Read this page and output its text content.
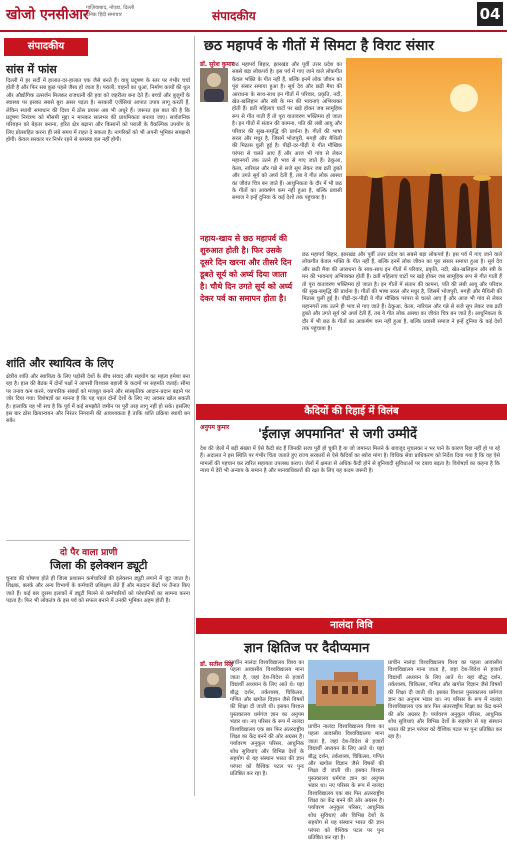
खोजो एनसीआर
गाज़ियाबाद, नोएडा, दिल्ली
दैनिक हिंदी समाचार	संपादकीय	04
संपादकीय
सांस में फांस
दिल्ली में हर सर्दी में हालात-दर-हालात एक जैसे बनते हैं। वायु प्रदूषण के स्तर पर गंभीर चर्चा होती है और फिर सब कुछ पहले जैसा हो जाता है। पराली, वाहनों का धुआं, निर्माण कार्यों की धूल और औद्योगिक उत्सर्जन मिलकर राजधानी की हवा को जहरीला बना देते हैं। बच्चों और बुजुर्गों के स्वास्थ्य पर इसका सबसे बुरा असर पड़ता है। सरकारी एजेंसियां आपात उपाय लागू करती हैं, लेकिन स्थायी समाधान की दिशा में ठोस प्रयास अब भी अधूरे हैं। जरूरत इस बात की है कि प्रदूषण नियंत्रण को मौसमी मुद्दा न मानकर सालभर की प्राथमिकता बनाया जाए। सार्वजनिक परिवहन को बेहतर बनाना, हरित क्षेत्र बढ़ाना और किसानों को पराली के वैकल्पिक उपयोग के लिए प्रोत्साहित करना ही लंबे समय में राहत दे सकता है। नागरिकों को भी अपनी भूमिका समझनी होगी। केवल सरकार पर निर्भर रहने से समस्या हल नहीं होगी।
शांति और स्थायित्व के लिए
क्षेत्रीय शांति और स्थायित्व के लिए पड़ोसी देशों के बीच संवाद और सहयोग का महत्व हमेशा बना रहा है। हाल की बैठक में दोनों पक्षों ने आपसी विश्वास बहाली के कदमों पर सहमति जताई। सीमा पर तनाव कम करने, व्यापारिक संबंधों को मजबूत बनाने और सांस्कृतिक आदान-प्रदान बढ़ाने पर जोर दिया गया। विशेषज्ञों का मानना है कि यह पहल दोनों देशों के लिए नए अवसर खोल सकती है। हालांकि यह भी सच है कि पूर्व में कई समझौते जमीन पर पूरी तरह लागू नहीं हो सके। इसलिए इस बार ठोस क्रियान्वयन और निरंतर निगरानी की आवश्यकता है ताकि शांति प्रक्रिया स्थायी बन सके।
दो पैर वाला प्राणी
जिला की इलेक्शन ड्यूटी
चुनाव की घोषणा होते ही जिला प्रशासन कर्मचारियों की इलेक्शन ड्यूटी लगाने में जुट जाता है। शिक्षक, क्लर्क और अन्य विभागों के कर्मचारी प्रशिक्षण लेते हैं और मतदान केंद्रों पर तैनात किए जाते हैं। कई बार दूरस्थ इलाकों में ड्यूटी मिलने से कर्मचारियों को परेशानियों का सामना करना पड़ता है। फिर भी लोकतंत्र के इस पर्व को सफल बनाने में उनकी भूमिका अहम होती है।
छठ महापर्व के गीतों में सिमटा है विराट संसार
डॉ. सुरेश कुमार
छठ महापर्व बिहार, झारखंड और पूर्वी उत्तर प्रदेश का सबसे बड़ा लोकपर्व है। इस पर्व में गाए जाने वाले लोकगीत केवल भक्ति के गीत नहीं हैं, बल्कि इनमें लोक जीवन का पूरा संसार समाया हुआ है। सूर्य देव और छठी मैया की आराधना के साथ-साथ इन गीतों में परिवार, प्रकृति, नदी, खेत-खलिहान और स्त्री के मन की भावनाएं अभिव्यक्त होती हैं। व्रती महिलाएं घाटों पर खड़े होकर जब सामूहिक रूप से गीत गाती हैं तो पूरा वातावरण भक्तिमय हो जाता है। इन गीतों में संतान की कामना, पति की लंबी आयु और परिवार की सुख-समृद्धि की प्रार्थना है। गीतों की भाषा सरल और मधुर है, जिसमें भोजपुरी, मगही और मैथिली की मिठास घुली हुई है। पीढ़ी-दर-पीढ़ी ये गीत मौखिक परंपरा से चलते आए हैं और आज भी गांव से लेकर महानगरों तक उतने ही भाव से गाए जाते हैं। ठेकुआ, केला, नारियल और गन्ने से सजे सूप लेकर जब व्रती डूबते और उगते सूर्य को अर्घ्य देती हैं, तब ये गीत लोक आस्था का जीवंत चित्र बन जाते हैं। आधुनिकता के दौर में भी छठ के गीतों का आकर्षण कम नहीं हुआ है, बल्कि प्रवासी समाज ने इन्हें दुनिया के कई देशों तक पहुंचाया है।
नहाय-खाय से छठ महापर्व की शुरुआत होती है। फिर उसके दूसरे दिन खरना और तीसरे दिन डूबते सूर्य को अर्घ्य दिया जाता है। चौथे दिन उगते सूर्य को अर्घ्य देकर पर्व का समापन होता है।
छठ महापर्व बिहार, झारखंड और पूर्वी उत्तर प्रदेश का सबसे बड़ा लोकपर्व है। इस पर्व में गाए जाने वाले लोकगीत केवल भक्ति के गीत नहीं हैं, बल्कि इनमें लोक जीवन का पूरा संसार समाया हुआ है। सूर्य देव और छठी मैया की आराधना के साथ-साथ इन गीतों में परिवार, प्रकृति, नदी, खेत-खलिहान और स्त्री के मन की भावनाएं अभिव्यक्त होती हैं। व्रती महिलाएं घाटों पर खड़े होकर जब सामूहिक रूप से गीत गाती हैं तो पूरा वातावरण भक्तिमय हो जाता है। इन गीतों में संतान की कामना, पति की लंबी आयु और परिवार की सुख-समृद्धि की प्रार्थना है। गीतों की भाषा सरल और मधुर है, जिसमें भोजपुरी, मगही और मैथिली की मिठास घुली हुई है। पीढ़ी-दर-पीढ़ी ये गीत मौखिक परंपरा से चलते आए हैं और आज भी गांव से लेकर महानगरों तक उतने ही भाव से गाए जाते हैं। ठेकुआ, केला, नारियल और गन्ने से सजे सूप लेकर जब व्रती डूबते और उगते सूर्य को अर्घ्य देती हैं, तब ये गीत लोक आस्था का जीवंत चित्र बन जाते हैं। आधुनिकता के दौर में भी छठ के गीतों का आकर्षण कम नहीं हुआ है, बल्कि प्रवासी समाज ने इन्हें दुनिया के कई देशों तक पहुंचाया है।
कैदियों की रिहाई में विलंब
अनुपम कुमार	'ईलाज़ अपमानित' से जगी उम्मीदें
देश की जेलों में बड़ी संख्या में ऐसे कैदी बंद हैं जिनकी सजा पूरी हो चुकी है या जो जमानत मिलने के बावजूद मुचलका न भर पाने के कारण रिहा नहीं हो पा रहे हैं। अदालत ने इस स्थिति पर गंभीर चिंता जताते हुए राज्य सरकारों से ऐसे कैदियों का ब्योरा मांगा है। विधिक सेवा प्राधिकरण को निर्देश दिया गया है कि वह ऐसे मामलों की पहचान कर त्वरित सहायता उपलब्ध कराए। जेलों में क्षमता से अधिक कैदी होने से बुनियादी सुविधाओं पर दबाव बढ़ता है। विशेषज्ञों का कहना है कि न्याय में देरी भी अन्याय के समान है और मानवाधिकारों की रक्षा के लिए यह कदम जरूरी है।
नालंदा विवि
ज्ञान क्षितिज पर दैदीप्यमान
डॉ. सतीश सिंह
प्राचीन नालंदा विश्वविद्यालय विश्व का पहला आवासीय विश्वविद्यालय माना जाता है, जहां देश-विदेश से हजारों विद्यार्थी अध्ययन के लिए आते थे। यहां बौद्ध दर्शन, तर्कशास्त्र, चिकित्सा, गणित और खगोल विज्ञान जैसे विषयों की शिक्षा दी जाती थी। इसका विशाल पुस्तकालय धर्मगंज ज्ञान का अनुपम भंडार था। नए परिसर के रूप में नालंदा विश्वविद्यालय एक बार फिर अंतरराष्ट्रीय शिक्षा का केंद्र बनने की ओर अग्रसर है। पर्यावरण अनुकूल परिसर, आधुनिक शोध सुविधाएं और विभिन्न देशों के सहयोग से यह संस्थान भारत की ज्ञान परंपरा को वैश्विक पटल पर पुनः प्रतिष्ठित कर रहा है।
प्राचीन नालंदा विश्वविद्यालय विश्व का पहला आवासीय विश्वविद्यालय माना जाता है, जहां देश-विदेश से हजारों विद्यार्थी अध्ययन के लिए आते थे। यहां बौद्ध दर्शन, तर्कशास्त्र, चिकित्सा, गणित और खगोल विज्ञान जैसे विषयों की शिक्षा दी जाती थी। इसका विशाल पुस्तकालय धर्मगंज ज्ञान का अनुपम भंडार था। नए परिसर के रूप में नालंदा विश्वविद्यालय एक बार फिर अंतरराष्ट्रीय शिक्षा का केंद्र बनने की ओर अग्रसर है। पर्यावरण अनुकूल परिसर, आधुनिक शोध सुविधाएं और विभिन्न देशों के सहयोग से यह संस्थान भारत की ज्ञान परंपरा को वैश्विक पटल पर पुनः प्रतिष्ठित कर रहा है।
प्राचीन नालंदा विश्वविद्यालय विश्व का पहला आवासीय विश्वविद्यालय माना जाता है, जहां देश-विदेश से हजारों विद्यार्थी अध्ययन के लिए आते थे। यहां बौद्ध दर्शन, तर्कशास्त्र, चिकित्सा, गणित और खगोल विज्ञान जैसे विषयों की शिक्षा दी जाती थी। इसका विशाल पुस्तकालय धर्मगंज ज्ञान का अनुपम भंडार था। नए परिसर के रूप में नालंदा विश्वविद्यालय एक बार फिर अंतरराष्ट्रीय शिक्षा का केंद्र बनने की ओर अग्रसर है। पर्यावरण अनुकूल परिसर, आधुनिक शोध सुविधाएं और विभिन्न देशों के सहयोग से यह संस्थान भारत की ज्ञान परंपरा को वैश्विक पटल पर पुनः प्रतिष्ठित कर रहा है।
